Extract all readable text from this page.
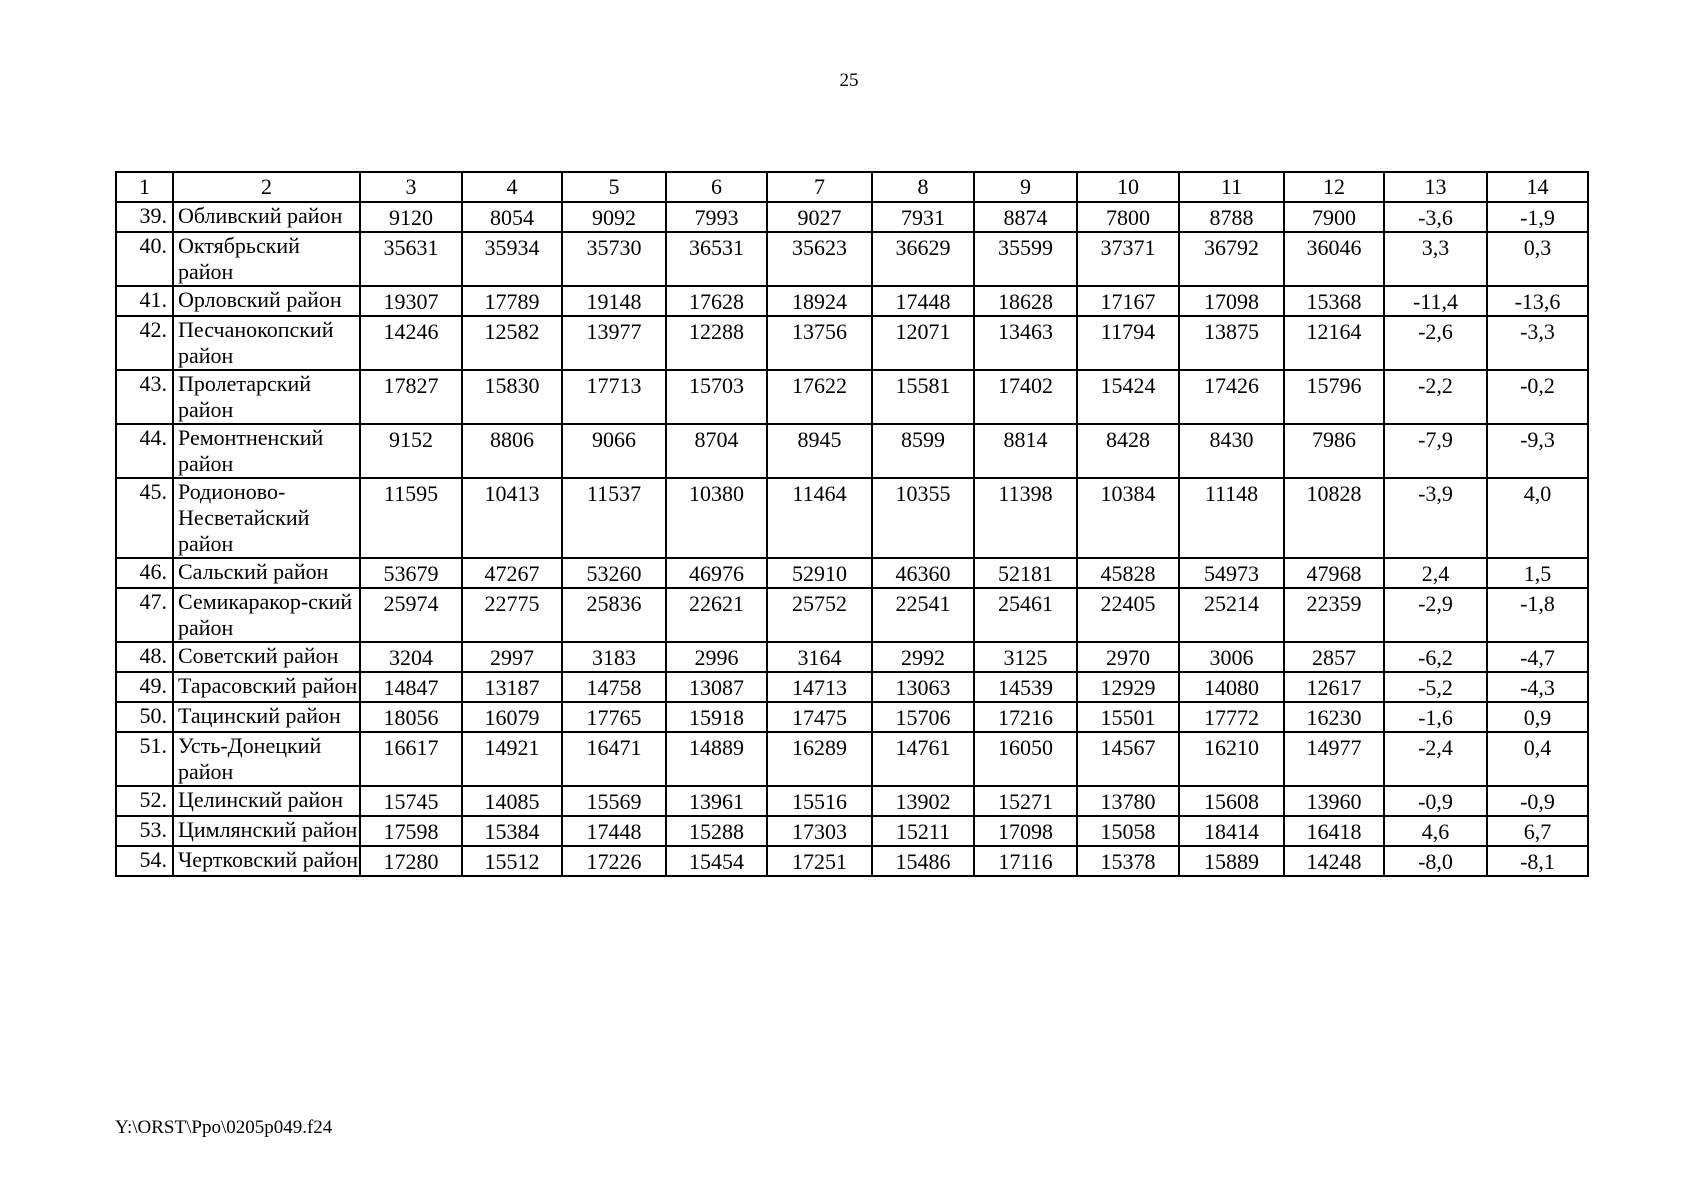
25
1	2	3	4	5	6	7	8	9	10	11	12	13	14
39.	Обливский район	9120	8054	9092	7993	9027	7931	8874	7800	8788	7900	-3,6	-1,9
40.	Октябрьский район	35631	35934	35730	36531	35623	36629	35599	37371	36792	36046	3,3	0,3
41.	Орловский район	19307	17789	19148	17628	18924	17448	18628	17167	17098	15368	-11,4	-13,6
42.	Песчанокопский район	14246	12582	13977	12288	13756	12071	13463	11794	13875	12164	-2,6	-3,3
43.	Пролетарский район	17827	15830	17713	15703	17622	15581	17402	15424	17426	15796	-2,2	-0,2
44.	Ремонтненский район	9152	8806	9066	8704	8945	8599	8814	8428	8430	7986	-7,9	-9,3
45.	Родионово-Несветайский район	11595	10413	11537	10380	11464	10355	11398	10384	11148	10828	-3,9	4,0
46.	Сальский район	53679	47267	53260	46976	52910	46360	52181	45828	54973	47968	2,4	1,5
47.	Семикаракор-ский район	25974	22775	25836	22621	25752	22541	25461	22405	25214	22359	-2,9	-1,8
48.	Советский район	3204	2997	3183	2996	3164	2992	3125	2970	3006	2857	-6,2	-4,7
49.	Тарасовский район	14847	13187	14758	13087	14713	13063	14539	12929	14080	12617	-5,2	-4,3
50.	Тацинский район	18056	16079	17765	15918	17475	15706	17216	15501	17772	16230	-1,6	0,9
51.	Усть-Донецкий район	16617	14921	16471	14889	16289	14761	16050	14567	16210	14977	-2,4	0,4
52.	Целинский район	15745	14085	15569	13961	15516	13902	15271	13780	15608	13960	-0,9	-0,9
53.	Цимлянский район	17598	15384	17448	15288	17303	15211	17098	15058	18414	16418	4,6	6,7
54.	Чертковский район	17280	15512	17226	15454	17251	15486	17116	15378	15889	14248	-8,0	-8,1
Y:\ORST\Ppo\0205p049.f24
